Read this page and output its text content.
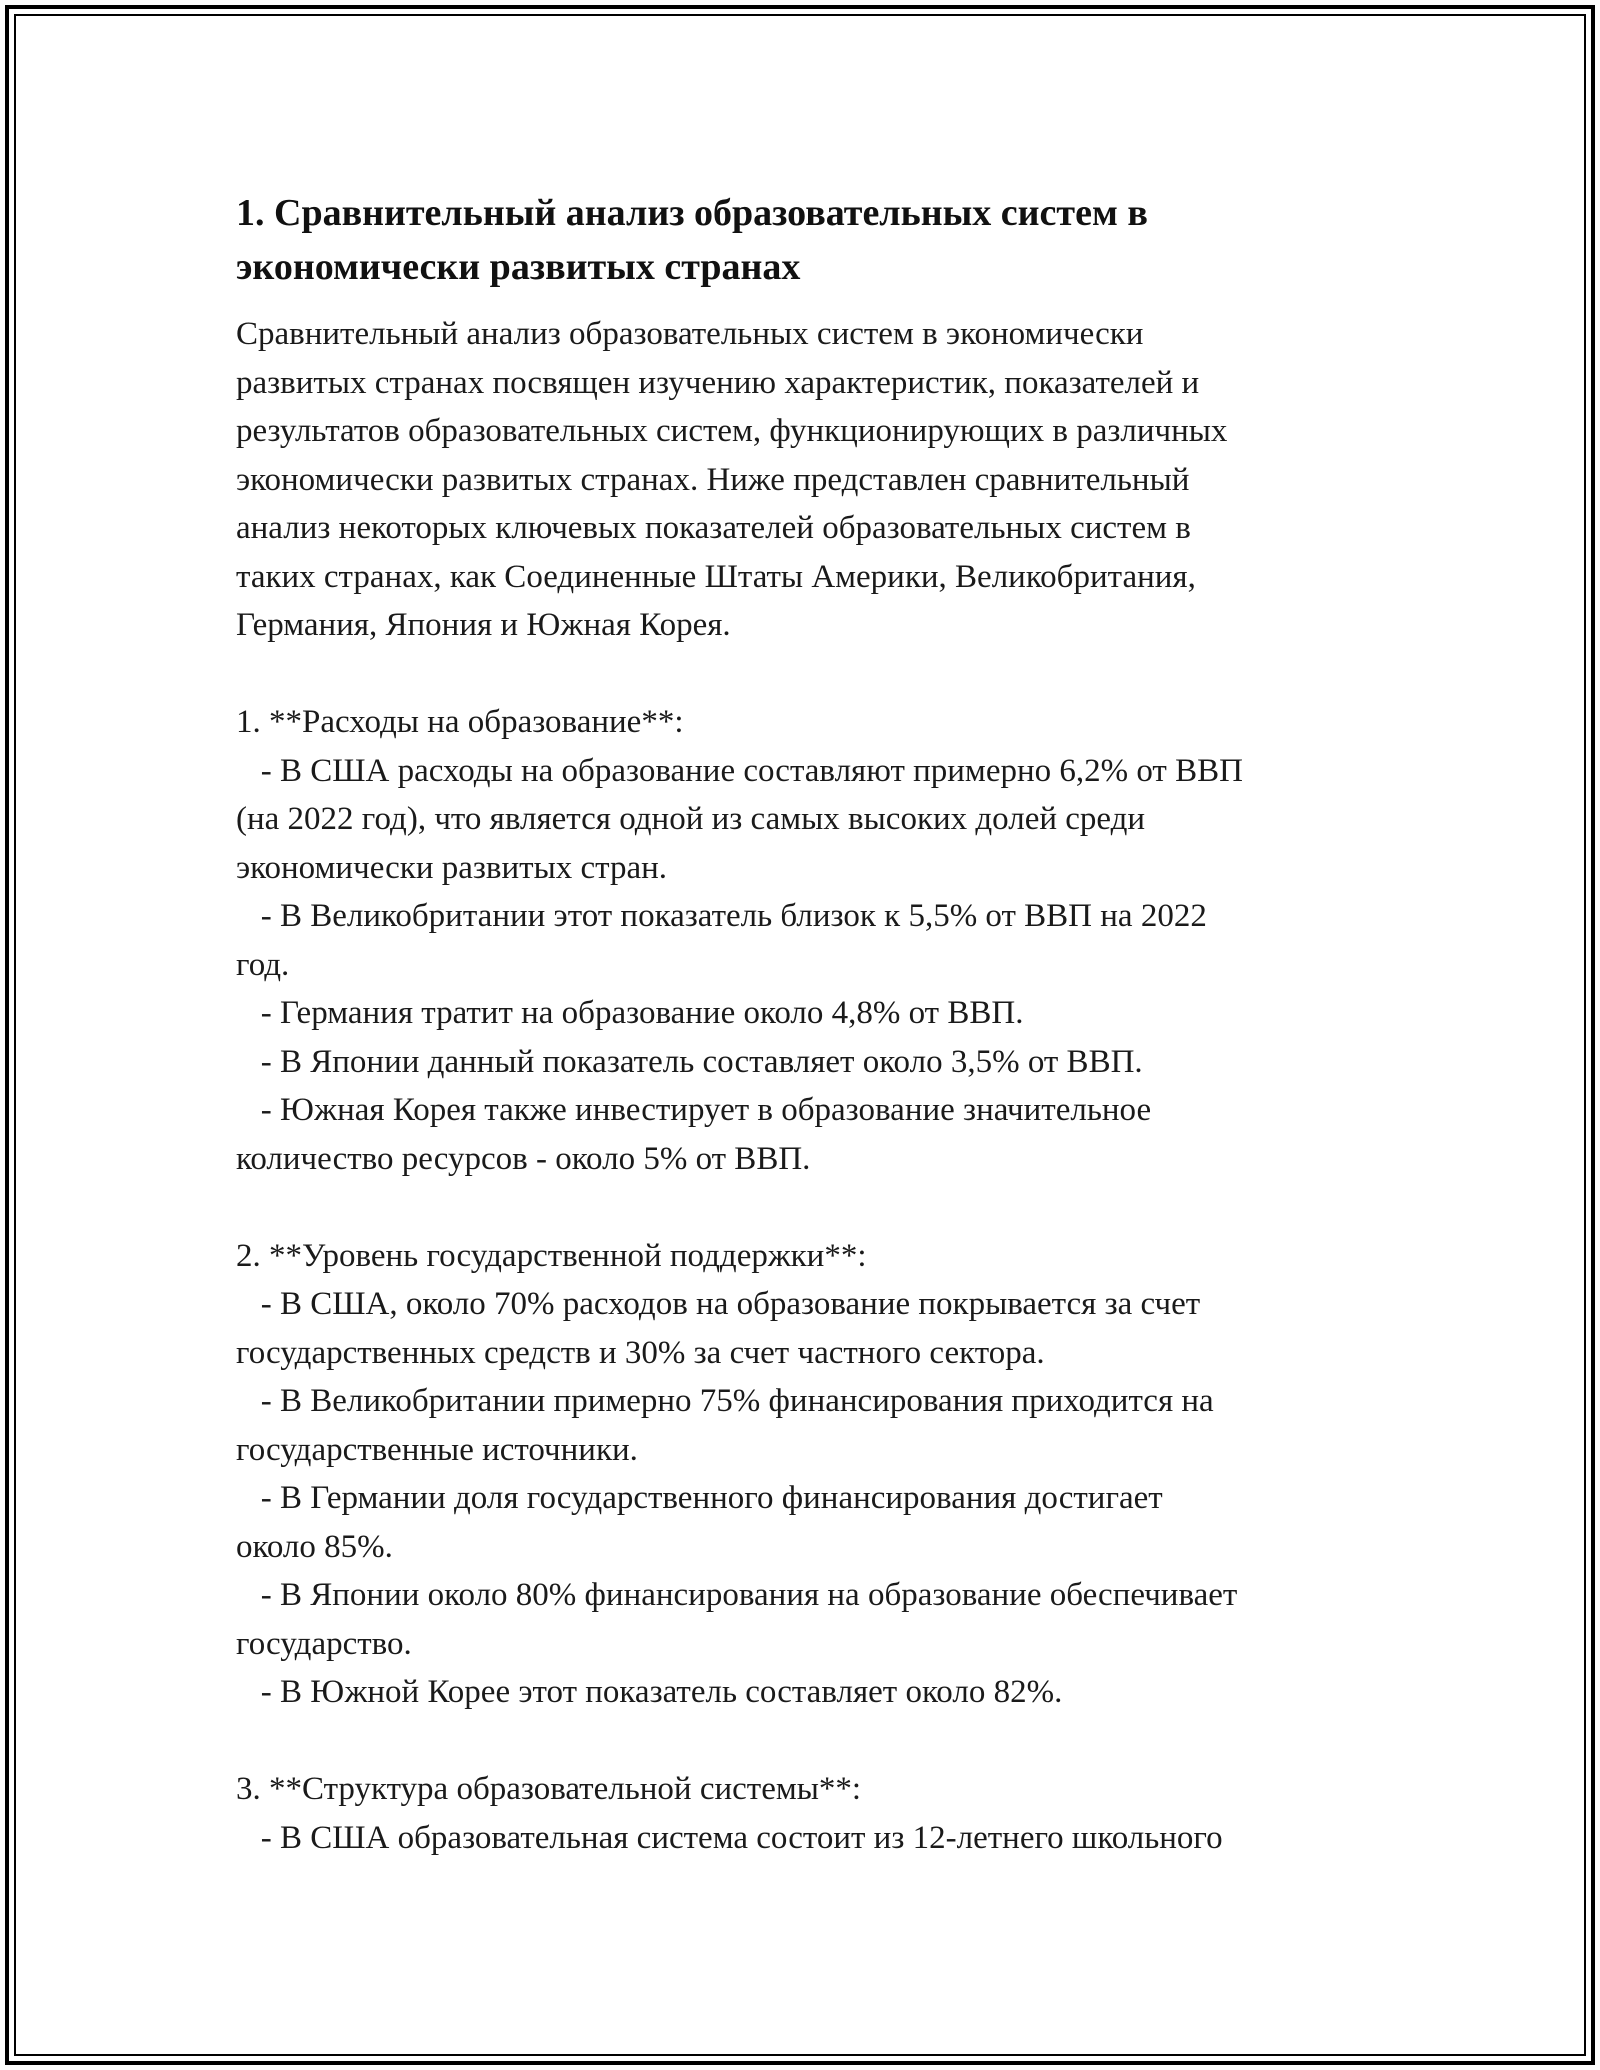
1. Сравнительный анализ образовательных систем в
экономически развитых странах
Сравнительный анализ образовательных систем в экономически
развитых странах посвящен изучению характеристик, показателей и
результатов образовательных систем, функционирующих в различных
экономически развитых странах. Ниже представлен сравнительный
анализ некоторых ключевых показателей образовательных систем в
таких странах, как Соединенные Штаты Америки, Великобритания,
Германия, Япония и Южная Корея.

1. **Расходы на образование**:
- В США расходы на образование составляют примерно 6,2% от ВВП
(на 2022 год), что является одной из самых высоких долей среди
экономически развитых стран.
- В Великобритании этот показатель близок к 5,5% от ВВП на 2022
год.
- Германия тратит на образование около 4,8% от ВВП.
- В Японии данный показатель составляет около 3,5% от ВВП.
- Южная Корея также инвестирует в образование значительное
количество ресурсов - около 5% от ВВП.

2. **Уровень государственной поддержки**:
- В США, около 70% расходов на образование покрывается за счет
государственных средств и 30% за счет частного сектора.
- В Великобритании примерно 75% финансирования приходится на
государственные источники.
- В Германии доля государственного финансирования достигает
около 85%.
- В Японии около 80% финансирования на образование обеспечивает
государство.
- В Южной Корее этот показатель составляет около 82%.

3. **Структура образовательной системы**:
- В США образовательная система состоит из 12-летнего школьного
